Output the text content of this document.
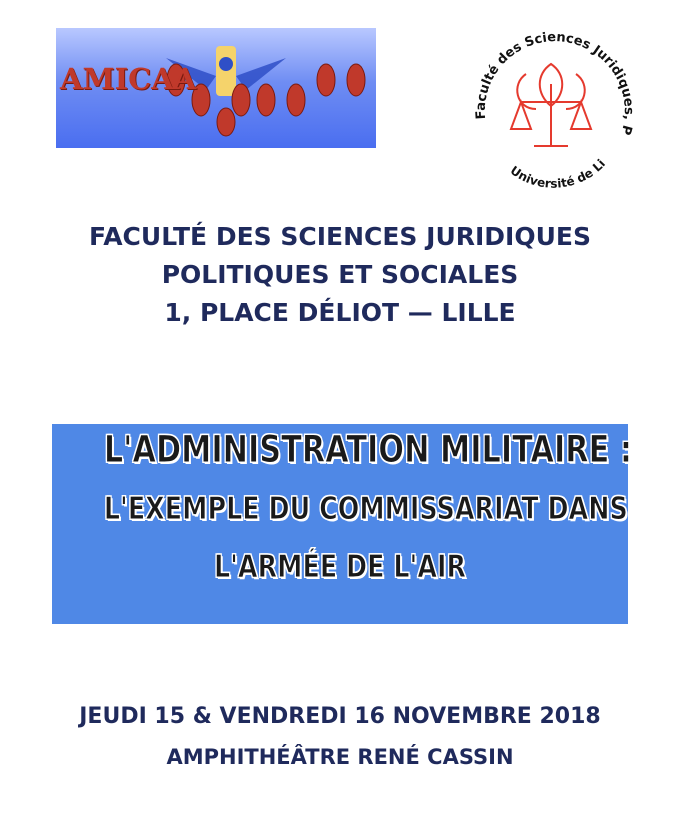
AMICAA
Faculté des Sciences Juridiques, P
Université de Li
FACULTÉ DES SCIENCES JURIDIQUES
POLITIQUES ET SOCIALES
1, PLACE DÉLIOT — LILLE
L'ADMINISTRATION MILITAIRE :
L'EXEMPLE DU COMMISSARIAT DANS
L'ARMÉE DE L'AIR
JEUDI 15 & VENDREDI 16 NOVEMBRE 2018
AMPHITHÉÂTRE RENÉ CASSIN
